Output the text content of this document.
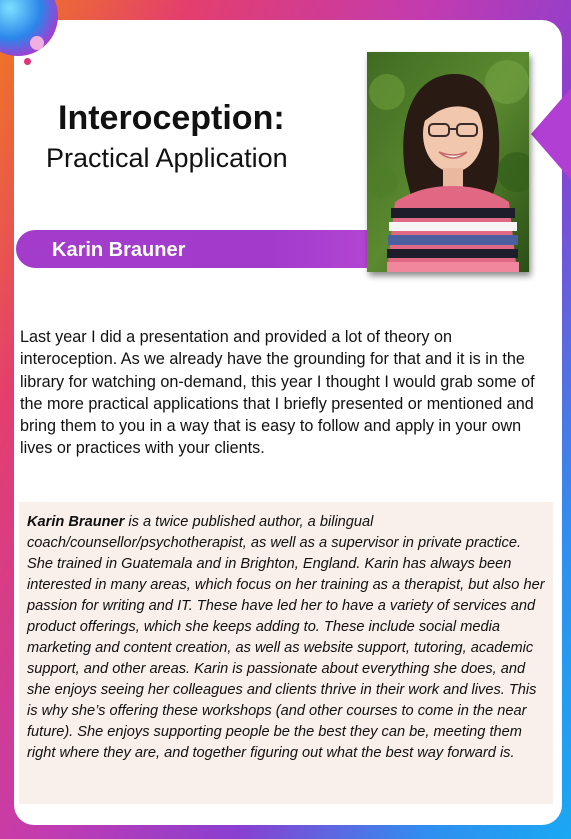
Interoception:
Practical Application
Karin Brauner
Last year I did a presentation and provided a lot of theory on interoception. As we already have the grounding for that and it is in the library for watching on-demand, this year I thought I would grab some of the more practical applications that I briefly presented or mentioned and bring them to you in a way that is easy to follow and apply in your own lives or practices with your clients.
Karin Brauner is a twice published author, a bilingual coach/counsellor/psychotherapist, as well as a supervisor in private practice. She trained in Guatemala and in Brighton, England. Karin has always been interested in many areas, which focus on her training as a therapist, but also her passion for writing and IT. These have led her to have a variety of services and product offerings, which she keeps adding to. These include social media marketing and content creation, as well as website support, tutoring, academic support, and other areas. Karin is passionate about everything she does, and she enjoys seeing her colleagues and clients thrive in their work and lives. This is why she’s offering these workshops (and other courses to come in the near future). She enjoys supporting people be the best they can be, meeting them right where they are, and together figuring out what the best way forward is.
